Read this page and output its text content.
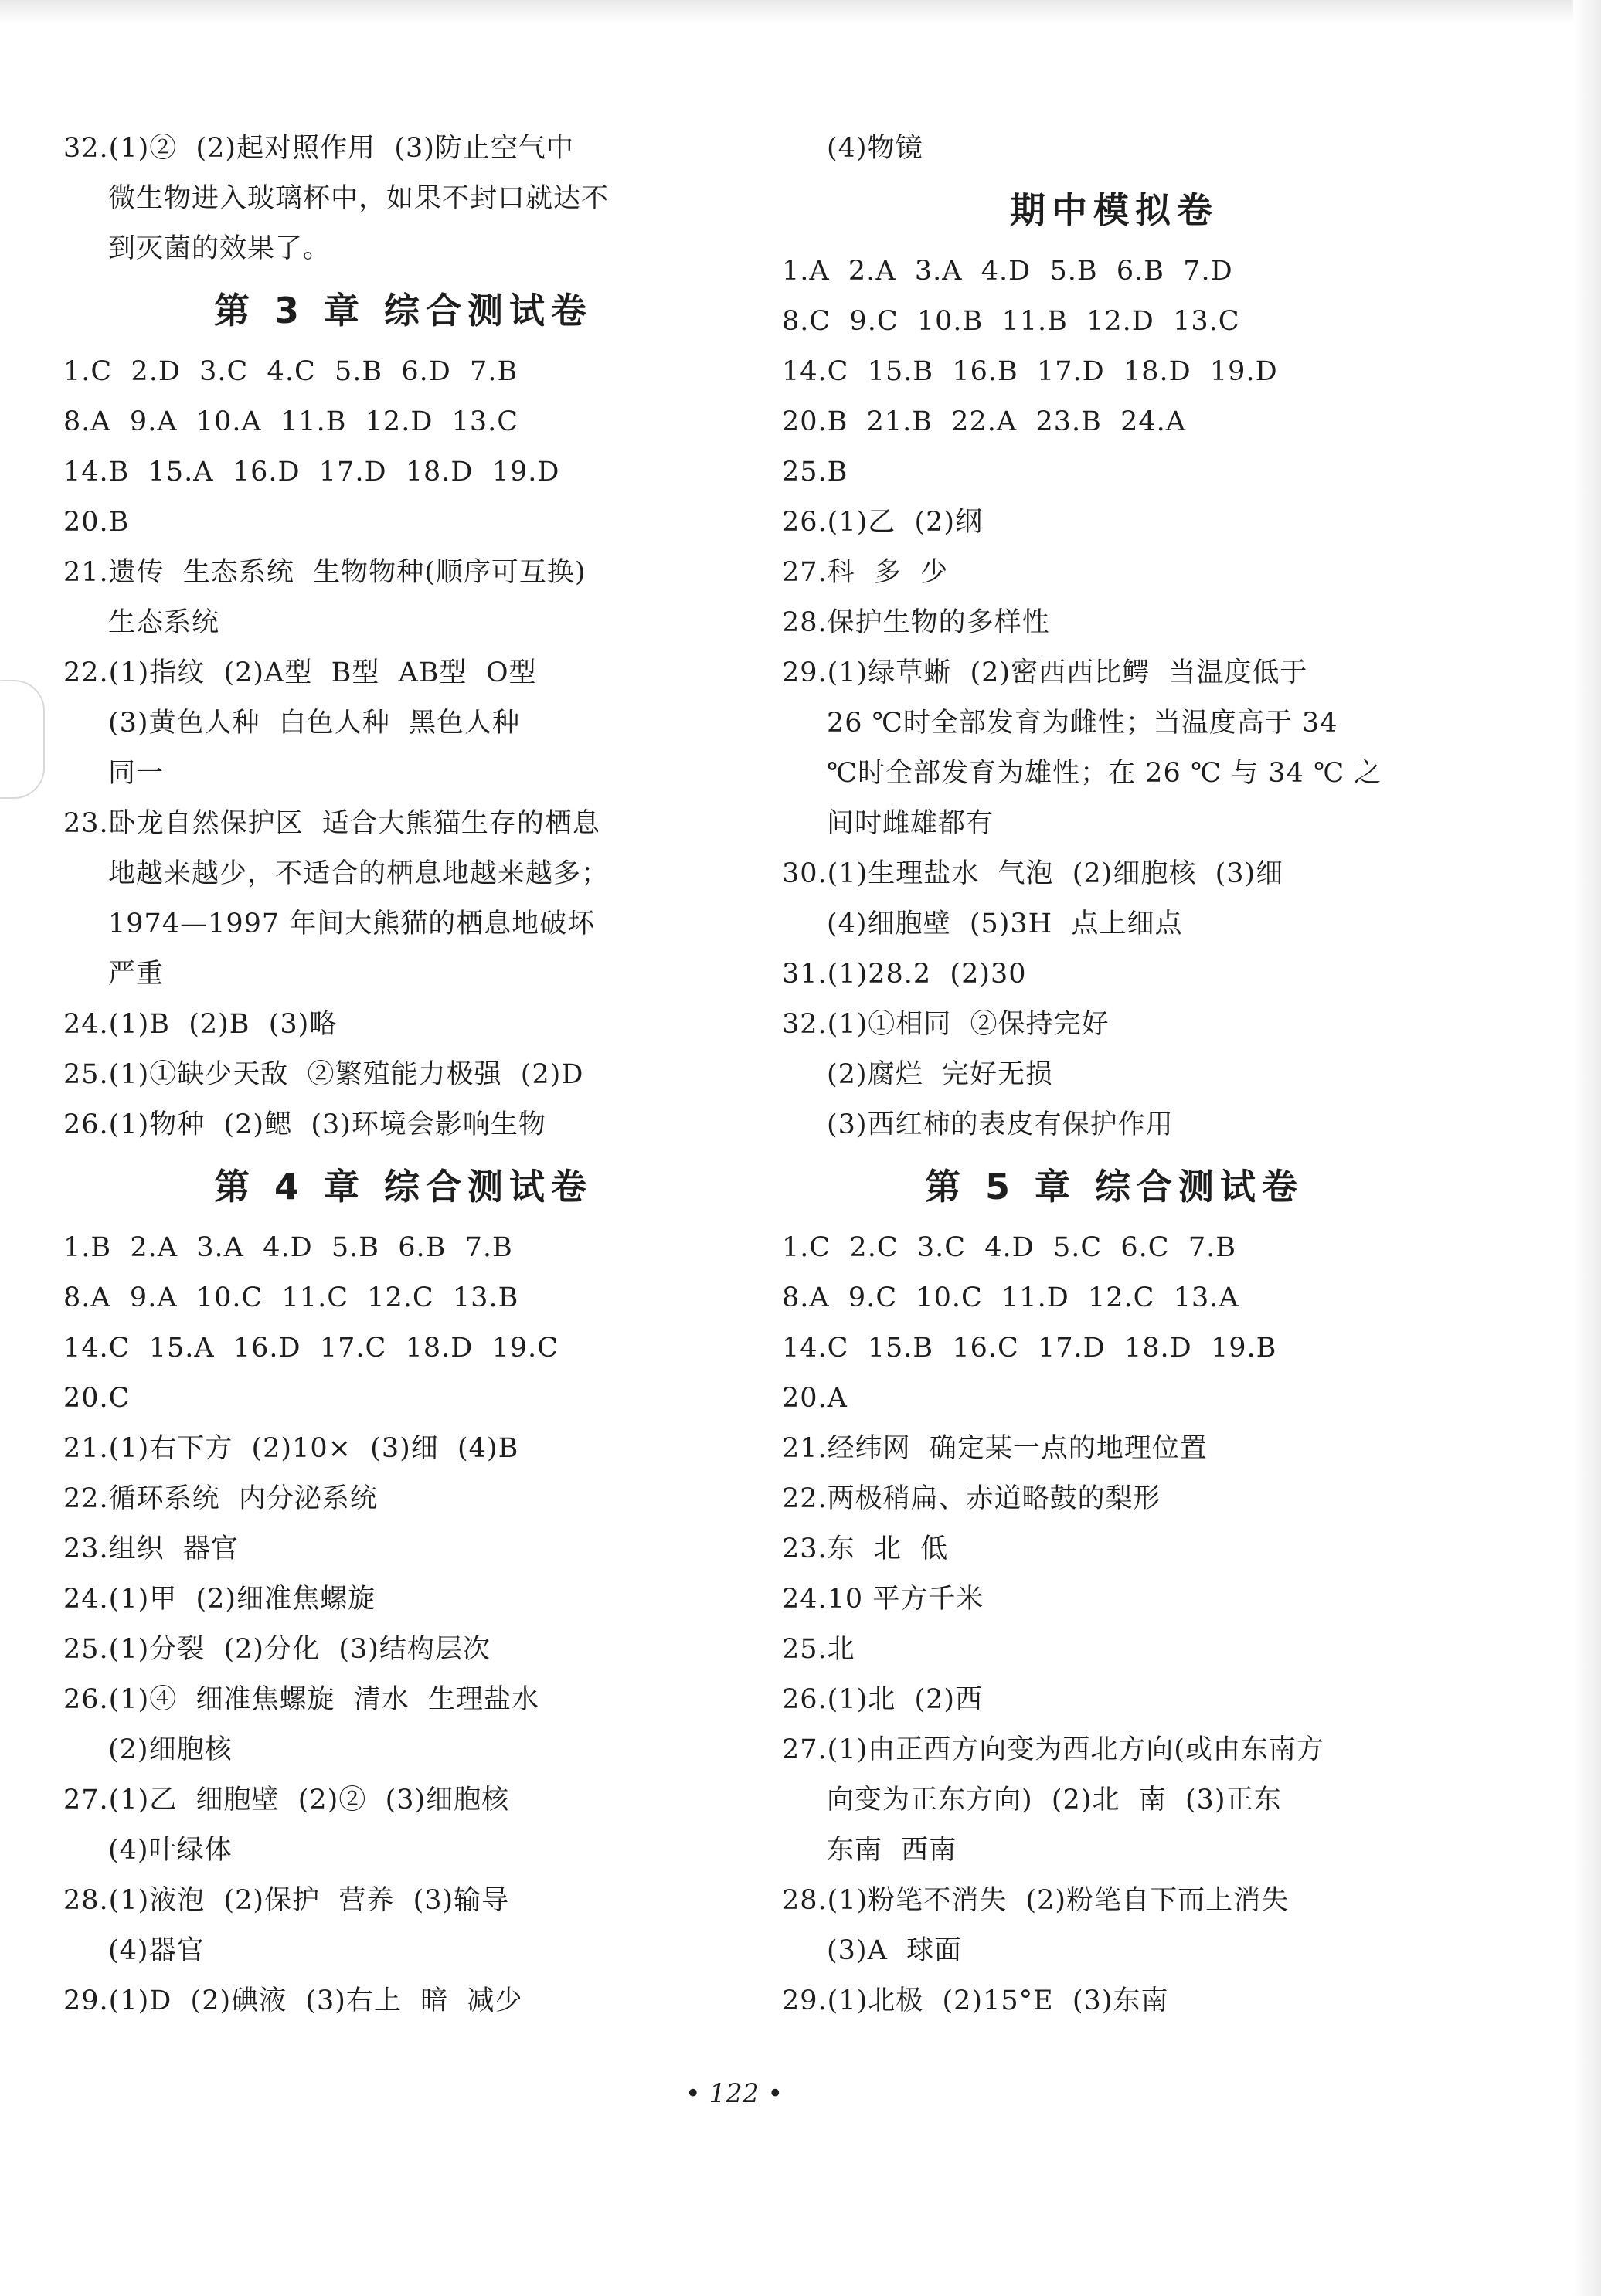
32.(1)②  (2)起对照作用  (3)防止空气中
微生物进入玻璃杯中，如果不封口就达不
到灭菌的效果了。
第 3 章 综合测试卷
1.C  2.D  3.C  4.C  5.B  6.D  7.B
8.A  9.A  10.A  11.B  12.D  13.C
14.B  15.A  16.D  17.D  18.D  19.D
20.B
21.遗传  生态系统  生物物种(顺序可互换)
生态系统
22.(1)指纹  (2)A型  B型  AB型  O型
(3)黄色人种  白色人种  黑色人种
同一
23.卧龙自然保护区  适合大熊猫生存的栖息
地越来越少，不适合的栖息地越来越多；
1974—1997 年间大熊猫的栖息地破坏
严重
24.(1)B  (2)B  (3)略
25.(1)①缺少天敌  ②繁殖能力极强  (2)D
26.(1)物种  (2)鳃  (3)环境会影响生物
第 4 章 综合测试卷
1.B  2.A  3.A  4.D  5.B  6.B  7.B
8.A  9.A  10.C  11.C  12.C  13.B
14.C  15.A  16.D  17.C  18.D  19.C
20.C
21.(1)右下方  (2)10×  (3)细  (4)B
22.循环系统  内分泌系统
23.组织  器官
24.(1)甲  (2)细准焦螺旋
25.(1)分裂  (2)分化  (3)结构层次
26.(1)④  细准焦螺旋  清水  生理盐水
(2)细胞核
27.(1)乙  细胞壁  (2)②  (3)细胞核
(4)叶绿体
28.(1)液泡  (2)保护  营养  (3)输导
(4)器官
29.(1)D  (2)碘液  (3)右上  暗  减少
(4)物镜
期中模拟卷
1.A  2.A  3.A  4.D  5.B  6.B  7.D
8.C  9.C  10.B  11.B  12.D  13.C
14.C  15.B  16.B  17.D  18.D  19.D
20.B  21.B  22.A  23.B  24.A
25.B
26.(1)乙  (2)纲
27.科  多  少
28.保护生物的多样性
29.(1)绿草蜥  (2)密西西比鳄  当温度低于
26 ℃时全部发育为雌性；当温度高于 34
℃时全部发育为雄性；在 26 ℃ 与 34 ℃ 之
间时雌雄都有
30.(1)生理盐水  气泡  (2)细胞核  (3)细
(4)细胞壁  (5)3H  点上细点
31.(1)28.2  (2)30
32.(1)①相同  ②保持完好
(2)腐烂  完好无损
(3)西红柿的表皮有保护作用
第 5 章 综合测试卷
1.C  2.C  3.C  4.D  5.C  6.C  7.B
8.A  9.C  10.C  11.D  12.C  13.A
14.C  15.B  16.C  17.D  18.D  19.B
20.A
21.经纬网  确定某一点的地理位置
22.两极稍扁、赤道略鼓的梨形
23.东  北  低
24.10 平方千米
25.北
26.(1)北  (2)西
27.(1)由正西方向变为西北方向(或由东南方
向变为正东方向)  (2)北  南  (3)正东
东南  西南
28.(1)粉笔不消失  (2)粉笔自下而上消失
(3)A  球面
29.(1)北极  (2)15°E  (3)东南
• 122 •
